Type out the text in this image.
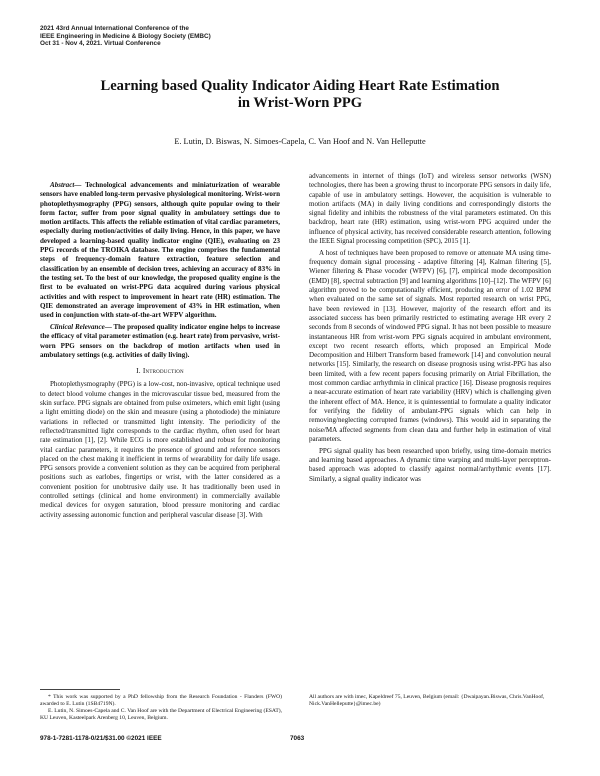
2021 43rd Annual International Conference of the
IEEE Engineering in Medicine & Biology Society (EMBC)
Oct 31 - Nov 4, 2021. Virtual Conference
Learning based Quality Indicator Aiding Heart Rate Estimation
in Wrist-Worn PPG
E. Lutin, D. Biswas, N. Simoes-Capela, C. Van Hoof and N. Van Helleputte

Abstract— Technological advancements and miniaturization of wearable sensors have enabled long-term pervasive physiological monitoring. Wrist-worn photoplethysmography (PPG) sensors, although quite popular owing to their form factor, suffer from poor signal quality in ambulatory settings due to motion artifacts. This affects the reliable estimation of vital cardiac parameters, especially during motion/activities of daily living. Hence, in this paper, we have developed a learning-based quality indicator engine (QIE), evaluating on 23 PPG records of the TROIKA database. The engine comprises the fundamental steps of frequency-domain feature extraction, feature selection and classification by an ensemble of decision trees, achieving an accuracy of 83% in the testing set. To the best of our knowledge, the proposed quality engine is the first to be evaluated on wrist-PPG data acquired during various physical activities and with respect to improvement in heart rate (HR) estimation. The QIE demonstrated an average improvement of 43% in HR estimation, when used in conjunction with state-of-the-art WFPV algorithm.

Clinical Relevance— The proposed quality indicator engine helps to increase the efficacy of vital parameter estimation (e.g. heart rate) from pervasive, wrist-worn PPG sensors on the backdrop of motion artifacts when used in ambulatory settings (e.g. activities of daily living).

I. Introduction

Photoplethysmography (PPG) is a low-cost, non-invasive, optical technique used to detect blood volume changes in the microvascular tissue bed, measured from the skin surface. PPG signals are obtained from pulse oximeters, which emit light (using a light emitting diode) on the skin and measure (using a photodiode) the miniature variations in reflected or transmitted light intensity. The periodicity of the reflected/transmitted light corresponds to the cardiac rhythm, often used for heart rate estimation [1], [2]. While ECG is more established and robust for monitoring vital cardiac parameters, it requires the presence of ground and reference sensors placed on the chest making it inefficient in terms of wearability for daily life usage. PPG sensors provide a convenient solution as they can be acquired from peripheral positions such as earlobes, fingertips or wrist, with the latter considered as a convenient position for unobtrusive daily use. It has traditionally been used in controlled settings (clinical and home environment) in commercially available medical devices for oxygen saturation, blood pressure monitoring and cardiac activity assessing autonomic function and peripheral vascular disease [3]. With

advancements in internet of things (IoT) and wireless sensor networks (WSN) technologies, there has been a growing thrust to incorporate PPG sensors in daily life, capable of use in ambulatory settings. However, the acquisition is vulnerable to motion artifacts (MA) in daily living conditions and correspondingly distorts the signal fidelity and inhibits the robustness of the vital parameters estimated. On this backdrop, heart rate (HR) estimation, using wrist-worn PPG acquired under the influence of physical activity, has received considerable research attention, following the IEEE Signal processing competition (SPC), 2015 [1].

A host of techniques have been proposed to remove or attenuate MA using time-frequency domain signal processing - adaptive filtering [4], Kalman filtering [5], Wiener filtering & Phase vocoder (WFPV) [6], [7], empirical mode decomposition (EMD) [8], spectral subtraction [9] and learning algorithms [10]–[12]. The WFPV [6] algorithm proved to be computationally efficient, producing an error of 1.02 BPM when evaluated on the same set of signals. Most reported research on wrist PPG, have been reviewed in [13]. However, majority of the research effort and its associated success has been primarily restricted to estimating average HR every 2 seconds from 8 seconds of windowed PPG signal. It has not been possible to measure instantaneous HR from wrist-worn PPG signals acquired in ambulant environment, except two recent research efforts, which proposed an Empirical Mode Decomposition and Hilbert Transform based framework [14] and convolution neural networks [15]. Similarly, the research on disease prognosis using wrist-PPG has also been limited, with a few recent papers focusing primarily on Atrial Fibrillation, the most common cardiac arrhythmia in clinical practice [16]. Disease prognosis requires a near-accurate estimation of heart rate variability (HRV) which is challenging given the inherent effect of MA. Hence, it is quintessential to formulate a quality indicator for verifying the fidelity of ambulant-PPG signals which can help in removing/neglecting corrupted frames (windows). This would aid in separating the noise/MA affected segments from clean data and further help in estimation of vital parameters.

PPG signal quality has been researched upon briefly, using time-domain metrics and learning based approaches. A dynamic time warping and multi-layer perceptron-based approach was adopted to classify against normal/arrhythmic events [17]. Similarly, a signal quality indicator was

* This work was supported by a PhD fellowship from the Research Foundation - Flanders (FWO) awarded to E. Lutin (1SB4719N).

E. Lutin, N. Simoes-Capela and C. Van Hoof are with the Department of Electrical Engineering (ESAT), KU Leuven, Kasteelpark Arenberg 10, Leuven, Belgium.

All authors are with imec, Kapeldreef 75, Leuven, Belgium (email: {Dwaipayan.Biswas, Chris.VanHoof, Nick.VanHelleputte}@imec.be)

978-1-7281-1178-0/21/$31.00 ©2021 IEEE	7063
